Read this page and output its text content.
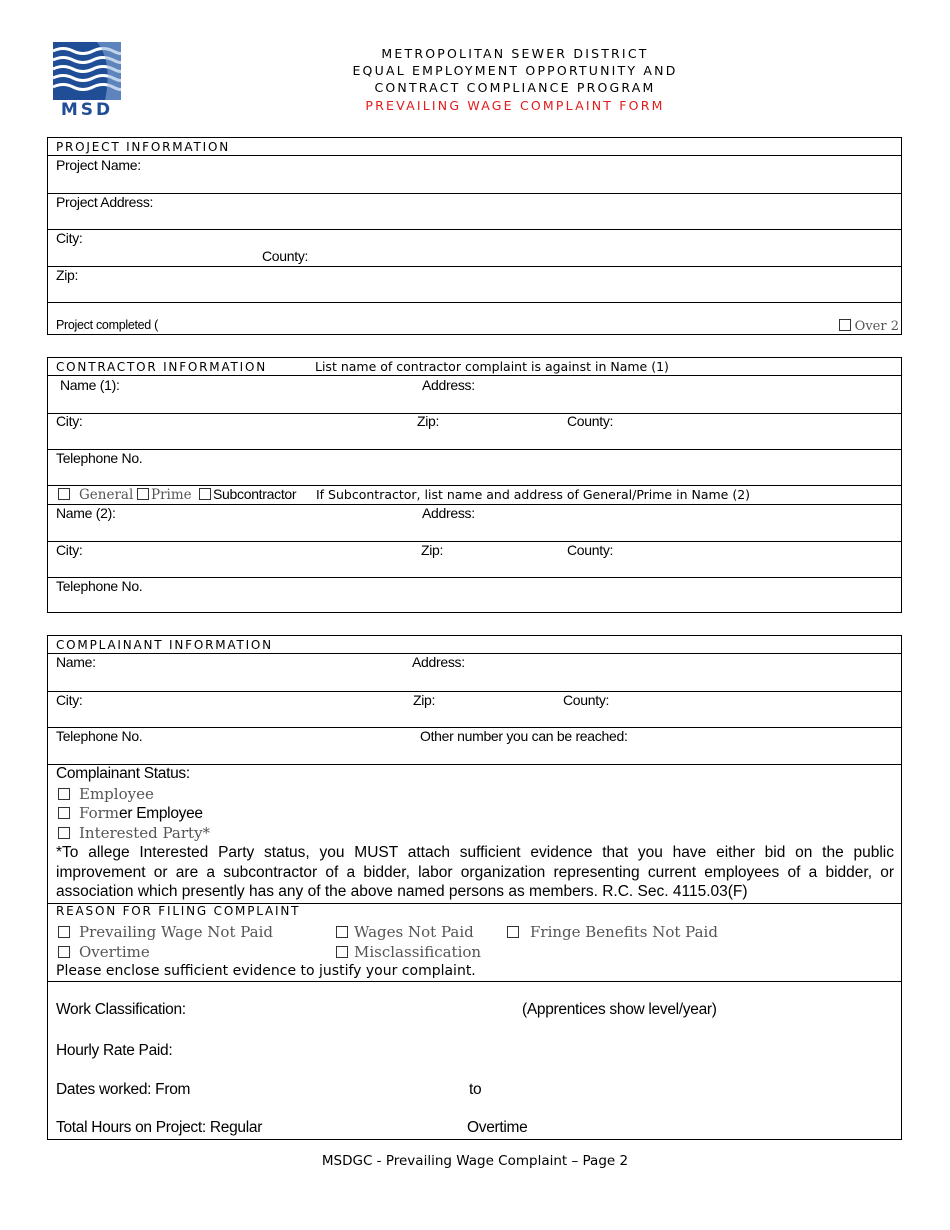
MSD
METROPOLITAN SEWER DISTRICT
EQUAL EMPLOYMENT OPPORTUNITY AND
CONTRACT COMPLIANCE PROGRAM
PREVAILING WAGE COMPLAINT FORM
PROJECT INFORMATION
Project Name:
Project Address:
City:
County:
Zip:
Project completed (	Over 2
CONTRACTOR INFORMATION	List name of contractor complaint is against in Name (1)
Name (1):	Address:
City:	Zip:	County:
Telephone No.
General	Prime	Subcontractor If Subcontractor, list name and address of General/Prime in Name (2)
Name (2):	Address:
City:	Zip:	County:
Telephone No.
COMPLAINANT INFORMATION
Name:	Address:
City:	Zip:	County:
Telephone No.	Other number you can be reached:
Complainant Status:
Employee
Former Employee
Interested Party*
*To allege Interested Party status, you MUST attach sufficient evidence that you have either bid on the public improvement or are a subcontractor of a bidder, labor organization representing current employees of a bidder, or association which presently has any of the above named persons as members. R.C. Sec. 4115.03(F)
REASON FOR FILING COMPLAINT
Prevailing Wage Not Paid	Wages Not Paid	Fringe Benefits Not Paid
Overtime	Misclassification
Please enclose sufficient evidence to justify your complaint.
Work Classification:	(Apprentices show level/year)
Hourly Rate Paid:
Dates worked: From	to
Total Hours on Project: Regular	Overtime
MSDGC - Prevailing Wage Complaint – Page 2
